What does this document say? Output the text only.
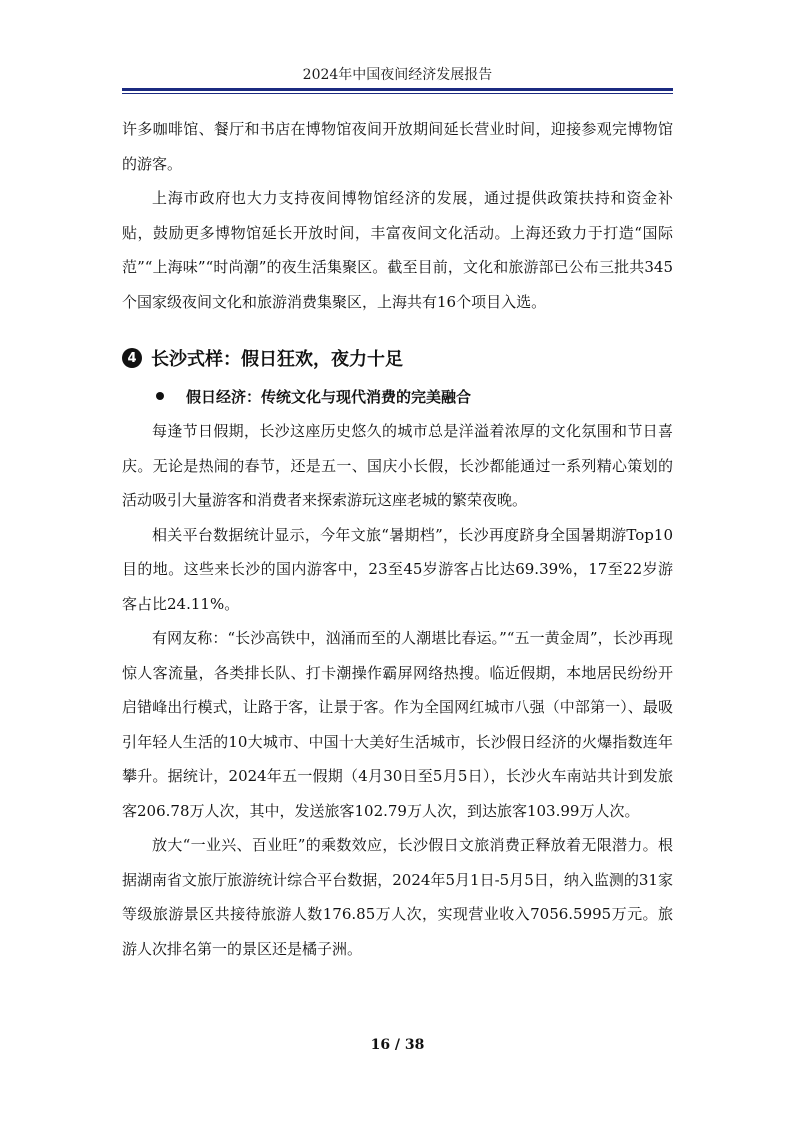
2024年中国夜间经济发展报告

许多咖啡馆、餐厅和书店在博物馆夜间开放期间延长营业时间，迎接参观完博物馆的游客。

上海市政府也大力支持夜间博物馆经济的发展，通过提供政策扶持和资金补贴，鼓励更多博物馆延长开放时间，丰富夜间文化活动。上海还致力于打造“国际范”“上海味”“时尚潮”的夜生活集聚区。截至目前，文化和旅游部已公布三批共345个国家级夜间文化和旅游消费集聚区，上海共有16个项目入选。

4 长沙式样：假日狂欢，夜力十足
假日经济：传统文化与现代消费的完美融合

每逢节日假期，长沙这座历史悠久的城市总是洋溢着浓厚的文化氛围和节日喜庆。无论是热闹的春节，还是五一、国庆小长假，长沙都能通过一系列精心策划的活动吸引大量游客和消费者来探索游玩这座老城的繁荣夜晚。

相关平台数据统计显示，今年文旅“暑期档”，长沙再度跻身全国暑期游Top10目的地。这些来长沙的国内游客中，23至45岁游客占比达69.39%，17至22岁游客占比24.11%。

有网友称：“长沙高铁中，汹涌而至的人潮堪比春运。”“五一黄金周”，长沙再现惊人客流量，各类排长队、打卡潮操作霸屏网络热搜。临近假期，本地居民纷纷开启错峰出行模式，让路于客，让景于客。作为全国网红城市八强（中部第一）、最吸引年轻人生活的10大城市、中国十大美好生活城市，长沙假日经济的火爆指数连年攀升。据统计，2024年五一假期（4月30日至5月5日），长沙火车南站共计到发旅客206.78万人次，其中，发送旅客102.79万人次，到达旅客103.99万人次。

放大“一业兴、百业旺”的乘数效应，长沙假日文旅消费正释放着无限潜力。根据湖南省文旅厅旅游统计综合平台数据，2024年5月1日-5月5日，纳入监测的31家等级旅游景区共接待旅游人数176.85万人次，实现营业收入7056.5995万元。旅游人次排名第一的景区还是橘子洲。

16 / 38
